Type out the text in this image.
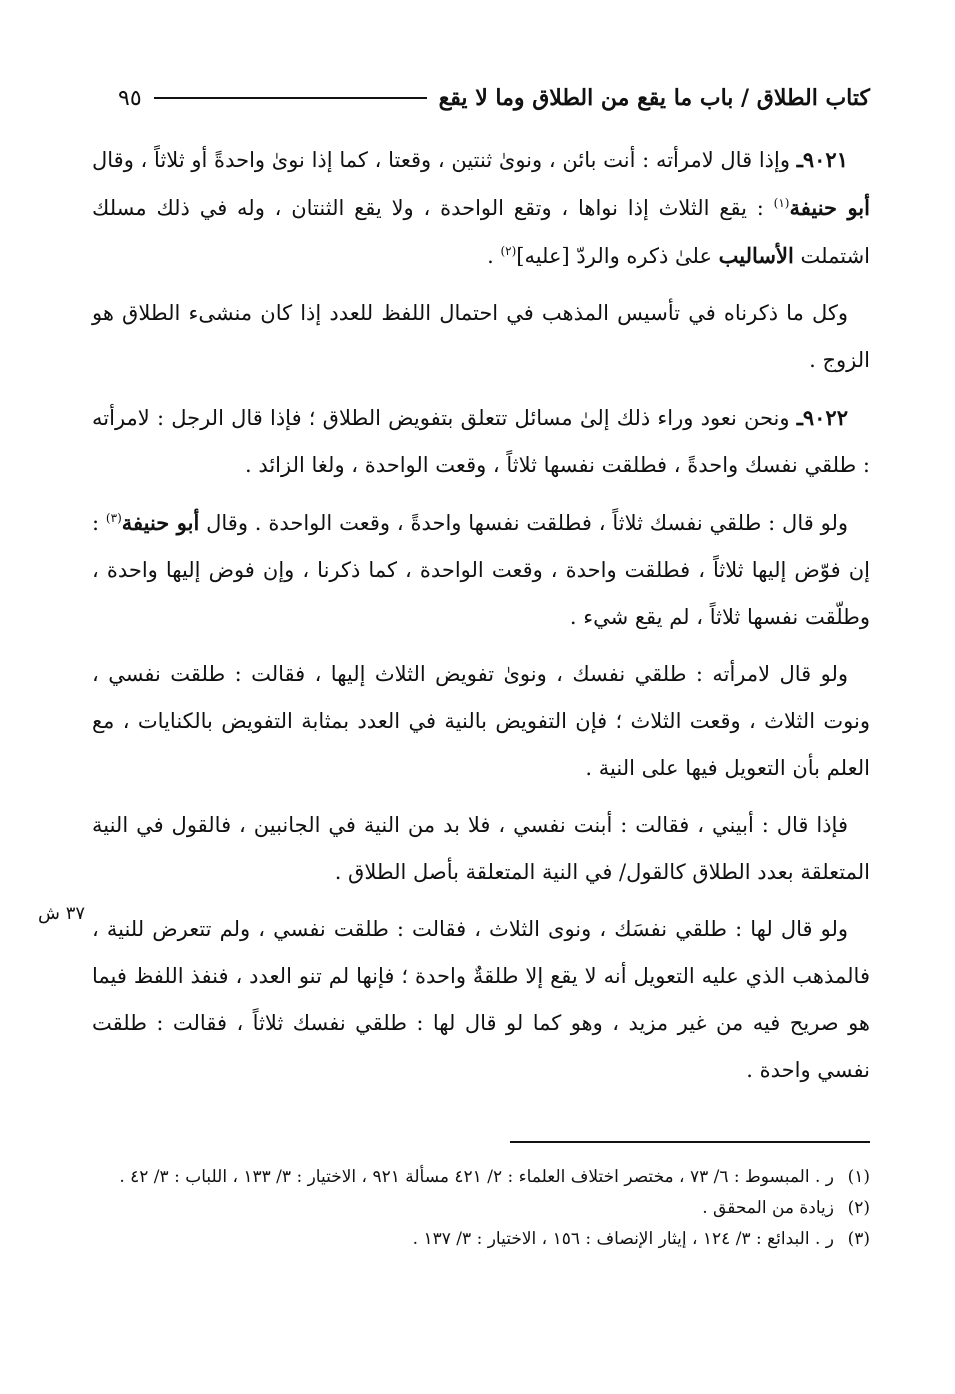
كتاب الطلاق / باب ما يقع من الطلاق وما لا يقع
٩٥

٩٠٢١ـ وإذا قال لامرأته : أنت بائن ، ونوىٰ ثنتين ، وقعتا ، كما إذا نوىٰ واحدةً أو ثلاثاً ، وقال أبو حنيفة$^{(١)}$ : يقع الثلاث إذا نواها ، وتقع الواحدة ، ولا يقع الثنتان ، وله في ذلك مسلك اشتملت الأساليب علىٰ ذكره والردّ [عليه]$^{(٢)}$ .

وكل ما ذكرناه في تأسيس المذهب في احتمال اللفظ للعدد إذا كان منشىء الطلاق هو الزوج .

٩٠٢٢ـ ونحن نعود وراء ذلك إلىٰ مسائل تتعلق بتفويض الطلاق ؛ فإذا قال الرجل : لامرأته : طلقي نفسك واحدةً ، فطلقت نفسها ثلاثاً ، وقعت الواحدة ، ولغا الزائد .

ولو قال : طلقي نفسك ثلاثاً ، فطلقت نفسها واحدةً ، وقعت الواحدة . وقال أبو حنيفة$^{(٣)}$ : إن فوّض إليها ثلاثاً ، فطلقت واحدة ، وقعت الواحدة ، كما ذكرنا ، وإن فوض إليها واحدة ، وطلّقت نفسها ثلاثاً ، لم يقع شيء .

ولو قال لامرأته : طلقي نفسك ، ونوىٰ تفويض الثلاث إليها ، فقالت : طلقت نفسي ، ونوت الثلاث ، وقعت الثلاث ؛ فإن التفويض بالنية في العدد بمثابة التفويض بالكنايات ، مع العلم بأن التعويل فيها على النية .

فإذا قال : أبيني ، فقالت : أبنت نفسي ، فلا بد من النية في الجانبين ، فالقول في النية المتعلقة بعدد الطلاق كالقول/ في النية المتعلقة بأصل الطلاق .

ولو قال لها : طلقي نفسَك ، ونوى الثلاث ، فقالت : طلقت نفسي ، ولم تتعرض للنية ، فالمذهب الذي عليه التعويل أنه لا يقع إلا طلقةٌ واحدة ؛ فإنها لم تنو العدد ، فنفذ اللفظ فيما هو صريح فيه من غير مزيد ، وهو كما لو قال لها : طلقي نفسك ثلاثاً ، فقالت : طلقت نفسي واحدة .

٣٧ ش
(١)
ر . المبسوط : ٦/ ٧٣ ، مختصر اختلاف العلماء : ٢/ ٤٢١ مسألة ٩٢١ ، الاختيار : ٣/ ١٣٣ ، اللباب : ٣/ ٤٢ .
(٢)
زيادة من المحقق .
(٣)
ر . البدائع : ٣/ ١٢٤ ، إيثار الإنصاف : ١٥٦ ، الاختيار : ٣/ ١٣٧ .
